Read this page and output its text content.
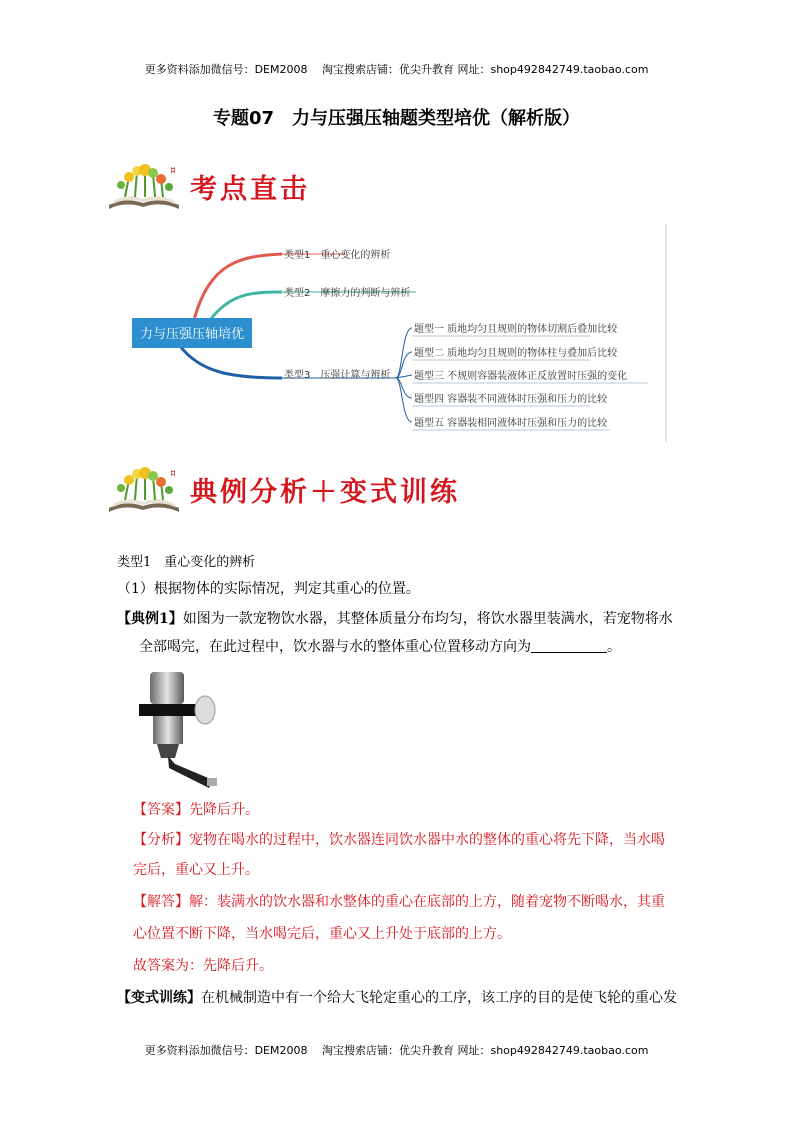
更多资料添加微信号：DEM2008　 淘宝搜索店铺：优尖升教育 网址：shop492842749.taobao.com
专题07　力与压强压轴题类型培优（解析版）
考点直击
力与压强压轴培优
类型1　重心变化的辨析
类型2　摩擦力的判断与辨析
类型3　压强计算与辨析
题型一 质地均匀且规则的物体切割后叠加比较
题型二 质地均匀且规则的物体柱与叠加后比较
题型三 不规则容器装液体正反放置时压强的变化
题型四 容器装不同液体时压强和压力的比较
题型五 容器装相同液体时压强和压力的比较
典例分析＋变式训练
类型1　重心变化的辨析
（1）根据物体的实际情况，判定其重心的位置。
【典例1】如图为一款宠物饮水器，其整体质量分布均匀，将饮水器里装满水，若宠物将水
全部喝完，在此过程中，饮水器与水的整体重心位置移动方向为	。
【答案】先降后升。
【分析】宠物在喝水的过程中，饮水器连同饮水器中水的整体的重心将先下降，当水喝
完后，重心又上升。
【解答】解：装满水的饮水器和水整体的重心在底部的上方，随着宠物不断喝水，其重
心位置不断下降，当水喝完后，重心又上升处于底部的上方。
故答案为：先降后升。
【变式训练】在机械制造中有一个给大飞轮定重心的工序，该工序的目的是使飞轮的重心发
更多资料添加微信号：DEM2008　 淘宝搜索店铺：优尖升教育 网址：shop492842749.taobao.com
